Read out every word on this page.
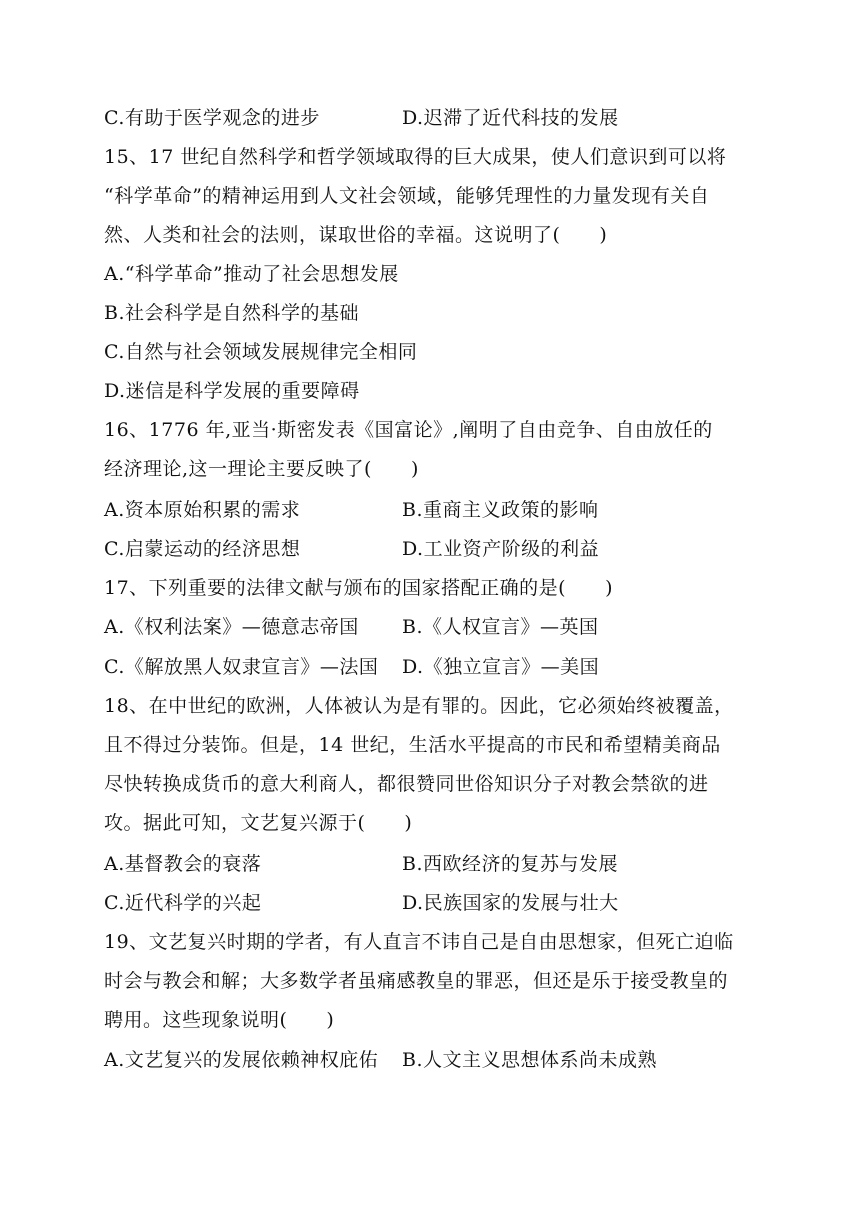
C.有助于医学观念的进步	D.迟滞了近代科技的发展
15、17 世纪自然科学和哲学领域取得的巨大成果，使人们意识到可以将
“科学革命”的精神运用到人文社会领域，能够凭理性的力量发现有关自
然、人类和社会的法则，谋取世俗的幸福。这说明了(　　)
A.“科学革命”推动了社会思想发展
B.社会科学是自然科学的基础
C.自然与社会领域发展规律完全相同
D.迷信是科学发展的重要障碍
16、1776 年,亚当·斯密发表《国富论》,阐明了自由竞争、自由放任的
经济理论,这一理论主要反映了(　　)
A.资本原始积累的需求	B.重商主义政策的影响
C.启蒙运动的经济思想	D.工业资产阶级的利益
17、下列重要的法律文献与颁布的国家搭配正确的是(　　)
A.《权利法案》—德意志帝国 B.《人权宣言》—英国
C.《解放黑人奴隶宣言》—法国 D.《独立宣言》—美国
18、在中世纪的欧洲，人体被认为是有罪的。因此，它必须始终被覆盖，
且不得过分装饰。但是，14 世纪，生活水平提高的市民和希望精美商品
尽快转换成货币的意大利商人，都很赞同世俗知识分子对教会禁欲的进
攻。据此可知，文艺复兴源于(　　)
A.基督教会的衰落	B.西欧经济的复苏与发展
C.近代科学的兴起	D.民族国家的发展与壮大
19、文艺复兴时期的学者，有人直言不讳自己是自由思想家，但死亡迫临
时会与教会和解；大多数学者虽痛感教皇的罪恶，但还是乐于接受教皇的
聘用。这些现象说明(　　)
A.文艺复兴的发展依赖神权庇佑 B.人文主义思想体系尚未成熟
